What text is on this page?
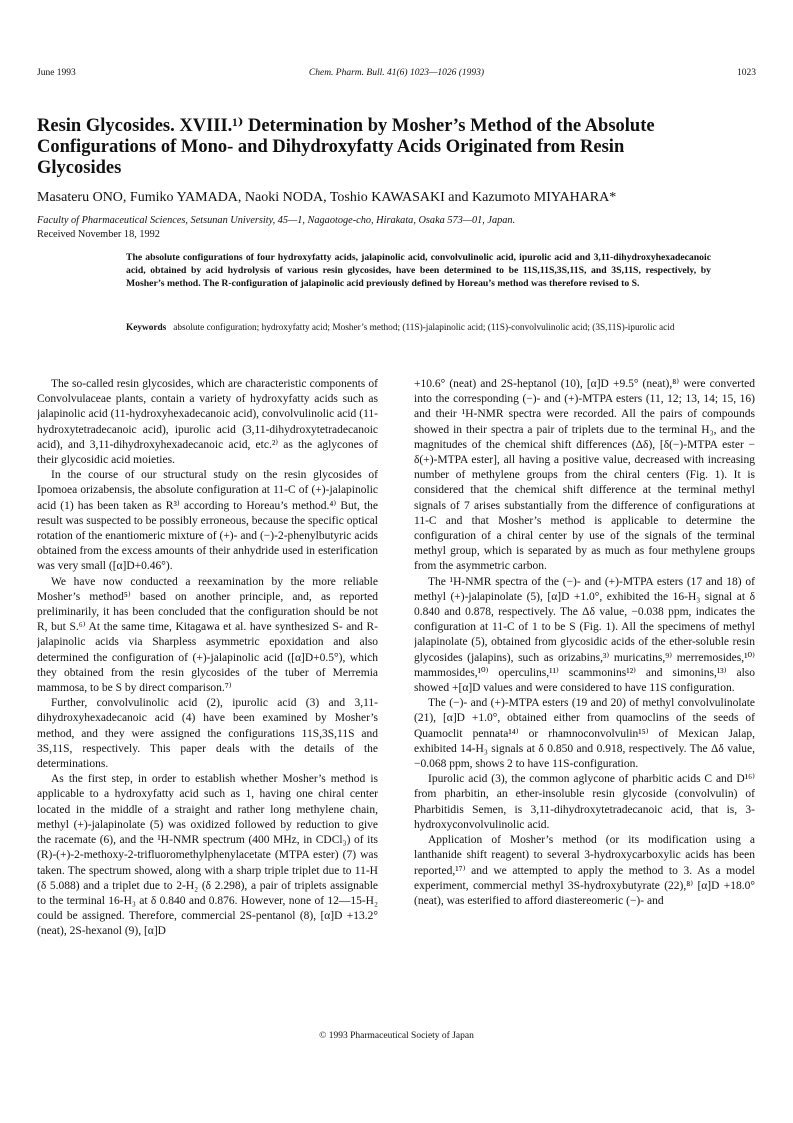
June 1993	Chem. Pharm. Bull. 41(6) 1023—1026 (1993)	1023
Resin Glycosides. XVIII.¹⁾ Determination by Mosher’s Method of the Absolute Configurations of Mono- and Dihydroxyfatty Acids Originated from Resin Glycosides
Masateru ONO, Fumiko YAMADA, Naoki NODA, Toshio KAWASAKI and Kazumoto MIYAHARA*
Faculty of Pharmaceutical Sciences, Setsunan University, 45—1, Nagaotoge-cho, Hirakata, Osaka 573—01, Japan.
Received November 18, 1992
The absolute configurations of four hydroxyfatty acids, jalapinolic acid, convolvulinolic acid, ipurolic acid and 3,11-dihydroxyhexadecanoic acid, obtained by acid hydrolysis of various resin glycosides, have been determined to be 11S,11S,3S,11S, and 3S,11S, respectively, by Mosher’s method. The R-configuration of jalapinolic acid previously defined by Horeau’s method was therefore revised to S.
Keywords absolute configuration; hydroxyfatty acid; Mosher’s method; (11S)-jalapinolic acid; (11S)-convolvulinolic acid; (3S,11S)-ipurolic acid

The so-called resin glycosides, which are characteristic components of Convolvulaceae plants, contain a variety of hydroxyfatty acids such as jalapinolic acid (11-hydroxyhexadecanoic acid), convolvulinolic acid (11-hydroxytetradecanoic acid), ipurolic acid (3,11-dihydroxytetradecanoic acid), and 3,11-dihydroxyhexadecanoic acid, etc.²⁾ as the aglycones of their glycosidic acid moieties.

In the course of our structural study on the resin glycosides of Ipomoea orizabensis, the absolute configuration at 11-C of (+)-jalapinolic acid (1) has been taken as R³⁾ according to Horeau’s method.⁴⁾ But, the result was suspected to be possibly erroneous, because the specific optical rotation of the enantiomeric mixture of (+)- and (−)-2-phenylbutyric acids obtained from the excess amounts of their anhydride used in esterification was very small ([α]D+0.46°).

We have now conducted a reexamination by the more reliable Mosher’s method⁵⁾ based on another principle, and, as reported preliminarily, it has been concluded that the configuration should be not R, but S.⁶⁾ At the same time, Kitagawa et al. have synthesized S- and R-jalapinolic acids via Sharpless asymmetric epoxidation and also determined the configuration of (+)-jalapinolic acid ([α]D+0.5°), which they obtained from the resin glycosides of the tuber of Merremia mammosa, to be S by direct comparison.⁷⁾

Further, convolvulinolic acid (2), ipurolic acid (3) and 3,11-dihydroxyhexadecanoic acid (4) have been examined by Mosher’s method, and they were assigned the configurations 11S,3S,11S and 3S,11S, respectively. This paper deals with the details of the determinations.

As the first step, in order to establish whether Mosher’s method is applicable to a hydroxyfatty acid such as 1, having one chiral center located in the middle of a straight and rather long methylene chain, methyl (+)-jalapinolate (5) was oxidized followed by reduction to give the racemate (6), and the ¹H-NMR spectrum (400 MHz, in CDCl₃) of its (R)-(+)-2-methoxy-2-trifluoromethylphenylacetate (MTPA ester) (7) was taken. The spectrum showed, along with a sharp triple triplet due to 11-H (δ 5.088) and a triplet due to 2-H₂ (δ 2.298), a pair of triplets assignable to the terminal 16-H₃ at δ 0.840 and 0.876. However, none of 12—15-H₂ could be assigned. Therefore, commercial 2S-pentanol (8), [α]D +13.2° (neat), 2S-hexanol (9), [α]D

+10.6° (neat) and 2S-heptanol (10), [α]D +9.5° (neat),⁸⁾ were converted into the corresponding (−)- and (+)-MTPA esters (11, 12; 13, 14; 15, 16) and their ¹H-NMR spectra were recorded. All the pairs of compounds showed in their spectra a pair of triplets due to the terminal H₃, and the magnitudes of the chemical shift differences (Δδ), [δ(−)-MTPA ester − δ(+)-MTPA ester], all having a positive value, decreased with increasing number of methylene groups from the chiral centers (Fig. 1). It is considered that the chemical shift difference at the terminal methyl signals of 7 arises substantially from the difference of configurations at 11-C and that Mosher’s method is applicable to determine the configuration of a chiral center by use of the signals of the terminal methyl group, which is separated by as much as four methylene groups from the asymmetric carbon.

The ¹H-NMR spectra of the (−)- and (+)-MTPA esters (17 and 18) of methyl (+)-jalapinolate (5), [α]D +1.0°, exhibited the 16-H₃ signal at δ 0.840 and 0.878, respectively. The Δδ value, −0.038 ppm, indicates the configuration at 11-C of 1 to be S (Fig. 1). All the specimens of methyl jalapinolate (5), obtained from glycosidic acids of the ether-soluble resin glycosides (jalapins), such as orizabins,³⁾ muricatins,⁹⁾ merremosides,¹⁰⁾ mammosides,¹⁰⁾ operculins,¹¹⁾ scammonins¹²⁾ and simonins,¹³⁾ also showed +[α]D values and were considered to have 11S configuration.

The (−)- and (+)-MTPA esters (19 and 20) of methyl convolvulinolate (21), [α]D +1.0°, obtained either from quamoclins of the seeds of Quamoclit pennata¹⁴⁾ or rhamnoconvolvulin¹⁵⁾ of Mexican Jalap, exhibited 14-H₃ signals at δ 0.850 and 0.918, respectively. The Δδ value, −0.068 ppm, shows 2 to have 11S-configuration.

Ipurolic acid (3), the common aglycone of pharbitic acids C and D¹⁶⁾ from pharbitin, an ether-insoluble resin glycoside (convolvulin) of Pharbitidis Semen, is 3,11-dihydroxytetradecanoic acid, that is, 3-hydroxyconvolvulinolic acid.

Application of Mosher’s method (or its modification using a lanthanide shift reagent) to several 3-hydroxycarboxylic acids has been reported,¹⁷⁾ and we attempted to apply the method to 3. As a model experiment, commercial methyl 3S-hydroxybutyrate (22),⁸⁾ [α]D +18.0° (neat), was esterified to afford diastereomeric (−)- and

© 1993 Pharmaceutical Society of Japan
